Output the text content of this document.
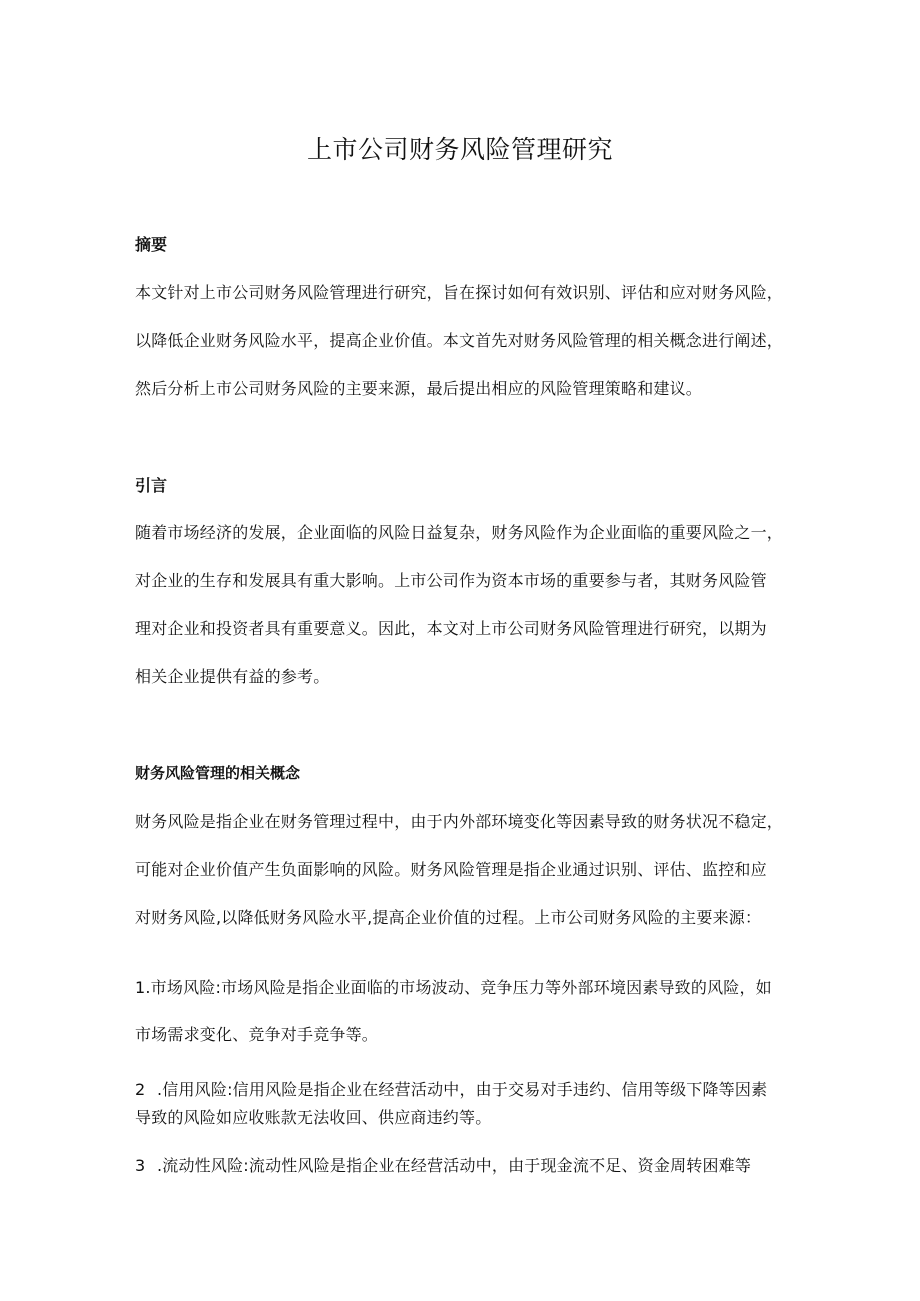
上市公司财务风险管理研究
摘要

本文针对上市公司财务风险管理进行研究，旨在探讨如何有效识别、评估和应对财务风险，

以降低企业财务风险水平，提高企业价值。本文首先对财务风险管理的相关概念进行阐述，

然后分析上市公司财务风险的主要来源，最后提出相应的风险管理策略和建议。

引言

随着市场经济的发展，企业面临的风险日益复杂，财务风险作为企业面临的重要风险之一，

对企业的生存和发展具有重大影响。上市公司作为资本市场的重要参与者，其财务风险管

理对企业和投资者具有重要意义。因此，本文对上市公司财务风险管理进行研究，以期为

相关企业提供有益的参考。

财务风险管理的相关概念

财务风险是指企业在财务管理过程中，由于内外部环境变化等因素导致的财务状况不稳定，

可能对企业价值产生负面影响的风险。财务风险管理是指企业通过识别、评估、监控和应

对财务风险,以降低财务风险水平,提高企业价值的过程。上市公司财务风险的主要来源：

1.市场风险:市场风险是指企业面临的市场波动、竞争压力等外部环境因素导致的风险，如

市场需求变化、竞争对手竞争等。

2 .信用风险:信用风险是指企业在经营活动中，由于交易对手违约、信用等级下降等因素

导致的风险如应收账款无法收回、供应商违约等。

3 .流动性风险:流动性风险是指企业在经营活动中，由于现金流不足、资金周转困难等
